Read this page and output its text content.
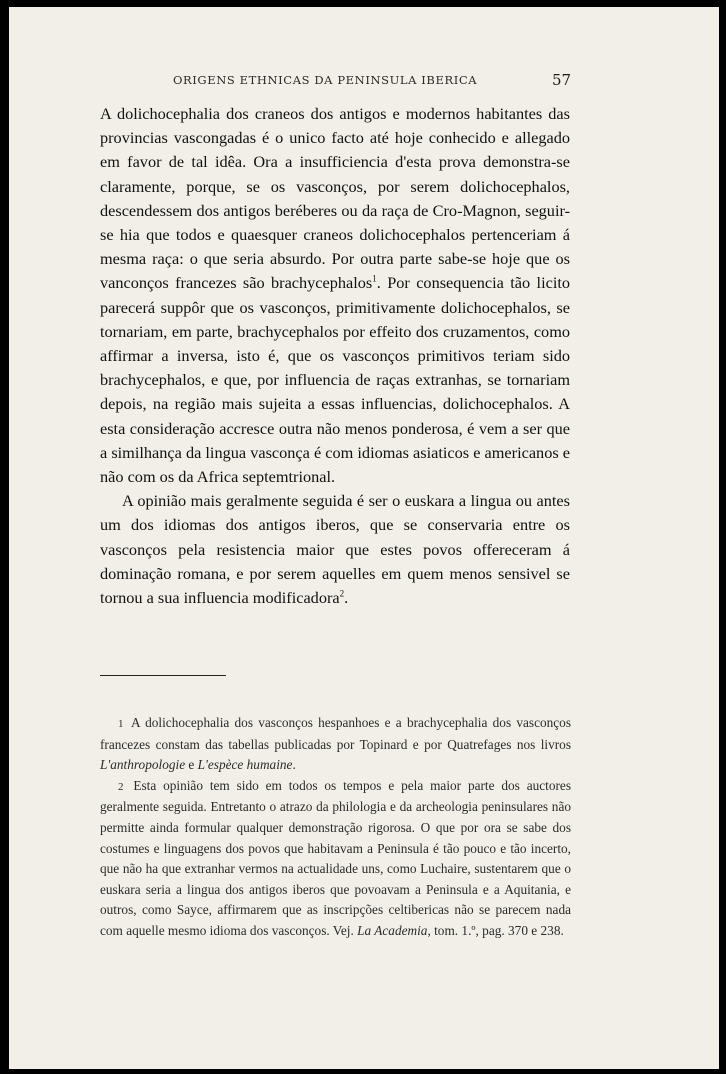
ORIGENS ETHNICAS DA PENINSULA IBERICA	57

A dolichocephalia dos craneos dos antigos e modernos habitantes das provincias vascongadas é o unico facto até hoje conhecido e allegado em favor de tal idêa. Ora a insufficiencia d'esta prova demonstra-se claramente, porque, se os vasconços, por serem dolichocephalos, descendessem dos antigos beréberes ou da raça de Cro-Magnon, seguir-se hia que todos e quaesquer craneos dolichocephalos pertenceriam á mesma raça: o que seria absurdo. Por outra parte sabe-se hoje que os vanconços francezes são brachycephalos$^1$. Por consequencia tão licito parecerá suppôr que os vasconços, primitivamente dolichocephalos, se tornariam, em parte, brachycephalos por effeito dos cruzamentos, como affirmar a inversa, isto é, que os vasconços primitivos teriam sido brachycephalos, e que, por influencia de raças extranhas, se tornariam depois, na região mais sujeita a essas influencias, dolichocephalos. A esta consideração accresce outra não menos ponderosa, é vem a ser que a similhança da lingua vasconça é com idiomas asiaticos e americanos e não com os da Africa septemtrional.

A opinião mais geralmente seguida é ser o euskara a lingua ou antes um dos idiomas dos antigos iberos, que se conservaria entre os vasconços pela resistencia maior que estes povos offereceram á dominação romana, e por serem aquelles em quem menos sensivel se tornou a sua influencia modificadora$^2$.

1 A dolichocephalia dos vasconços hespanhoes e a brachycephalia dos vasconços francezes constam das tabellas publicadas por Topinard e por Quatrefages nos livros L'anthropologie e L'espèce humaine.

2 Esta opinião tem sido em todos os tempos e pela maior parte dos auctores geralmente seguida. Entretanto o atrazo da philologia e da archeologia peninsulares não permitte ainda formular qualquer demonstração rigorosa. O que por ora se sabe dos costumes e linguagens dos povos que habitavam a Peninsula é tão pouco e tão incerto, que não ha que extranhar vermos na actualidade uns, como Luchaire, sustentarem que o euskara seria a lingua dos antigos iberos que povoavam a Peninsula e a Aquitania, e outros, como Sayce, affirmarem que as inscripções celtibericas não se parecem nada com aquelle mesmo idioma dos vasconços. Vej. La Academia, tom. 1.º, pag. 370 e 238.
